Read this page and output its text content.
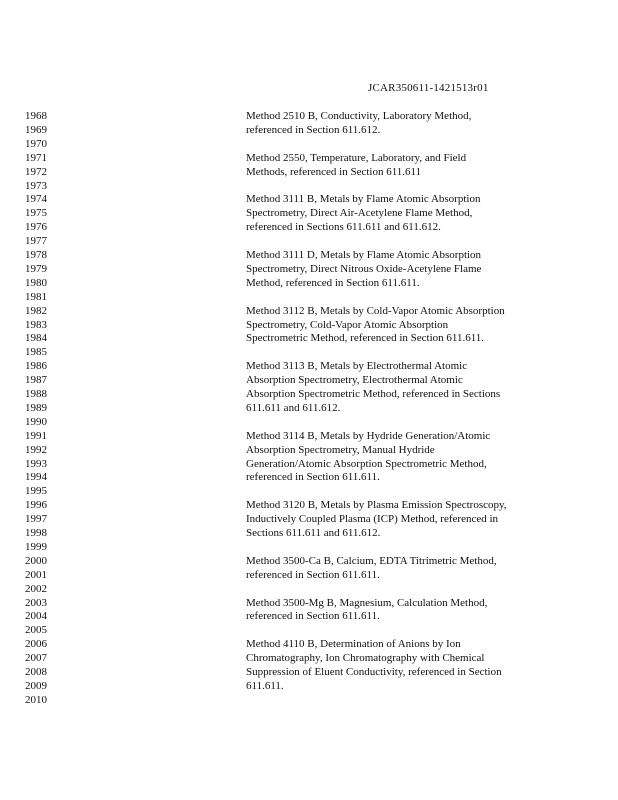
JCAR350611-1421513r01
1968	Method 2510 B, Conductivity, Laboratory Method,
1969	referenced in Section 611.612.
1970
1971	Method 2550, Temperature, Laboratory, and Field
1972	Methods, referenced in Section 611.611
1973
1974	Method 3111 B, Metals by Flame Atomic Absorption
1975	Spectrometry, Direct Air-Acetylene Flame Method,
1976	referenced in Sections 611.611 and 611.612.
1977
1978	Method 3111 D, Metals by Flame Atomic Absorption
1979	Spectrometry, Direct Nitrous Oxide-Acetylene Flame
1980	Method, referenced in Section 611.611.
1981
1982	Method 3112 B, Metals by Cold-Vapor Atomic Absorption
1983	Spectrometry, Cold-Vapor Atomic Absorption
1984	Spectrometric Method, referenced in Section 611.611.
1985
1986	Method 3113 B, Metals by Electrothermal Atomic
1987	Absorption Spectrometry, Electrothermal Atomic
1988	Absorption Spectrometric Method, referenced in Sections
1989	611.611 and 611.612.
1990
1991	Method 3114 B, Metals by Hydride Generation/Atomic
1992	Absorption Spectrometry, Manual Hydride
1993	Generation/Atomic Absorption Spectrometric Method,
1994	referenced in Section 611.611.
1995
1996	Method 3120 B, Metals by Plasma Emission Spectroscopy,
1997	Inductively Coupled Plasma (ICP) Method, referenced in
1998	Sections 611.611 and 611.612.
1999
2000	Method 3500-Ca B, Calcium, EDTA Titrimetric Method,
2001	referenced in Section 611.611.
2002
2003	Method 3500-Mg B, Magnesium, Calculation Method,
2004	referenced in Section 611.611.
2005
2006	Method 4110 B, Determination of Anions by Ion
2007	Chromatography, Ion Chromatography with Chemical
2008	Suppression of Eluent Conductivity, referenced in Section
2009	611.611.
2010
